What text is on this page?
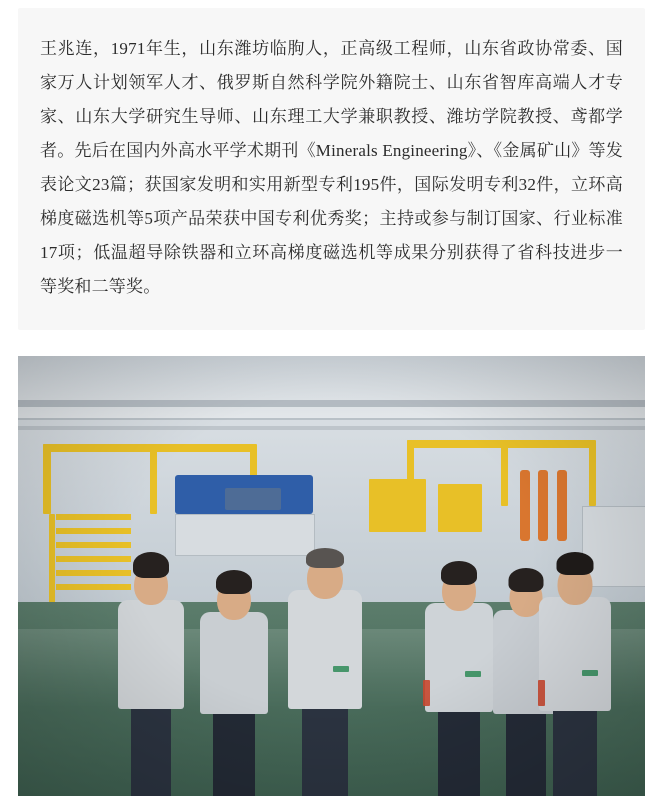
王兆连，1971年生，山东潍坊临朐人，正高级工程师，山东省政协常委、国家万人计划领军人才、俄罗斯自然科学院外籍院士、山东省智库高端人才专家、山东大学研究生导师、山东理工大学兼职教授、潍坊学院教授、鸢都学者。先后在国内外高水平学术期刊《Minerals Engineering》、《金属矿山》等发表论文23篇；获国家发明和实用新型专利195件，国际发明专利32件，立环高梯度磁选机等5项产品荣获中国专利优秀奖；主持或参与制订国家、行业标准17项；低温超导除铁器和立环高梯度磁选机等成果分别获得了省科技进步一等奖和二等奖。
